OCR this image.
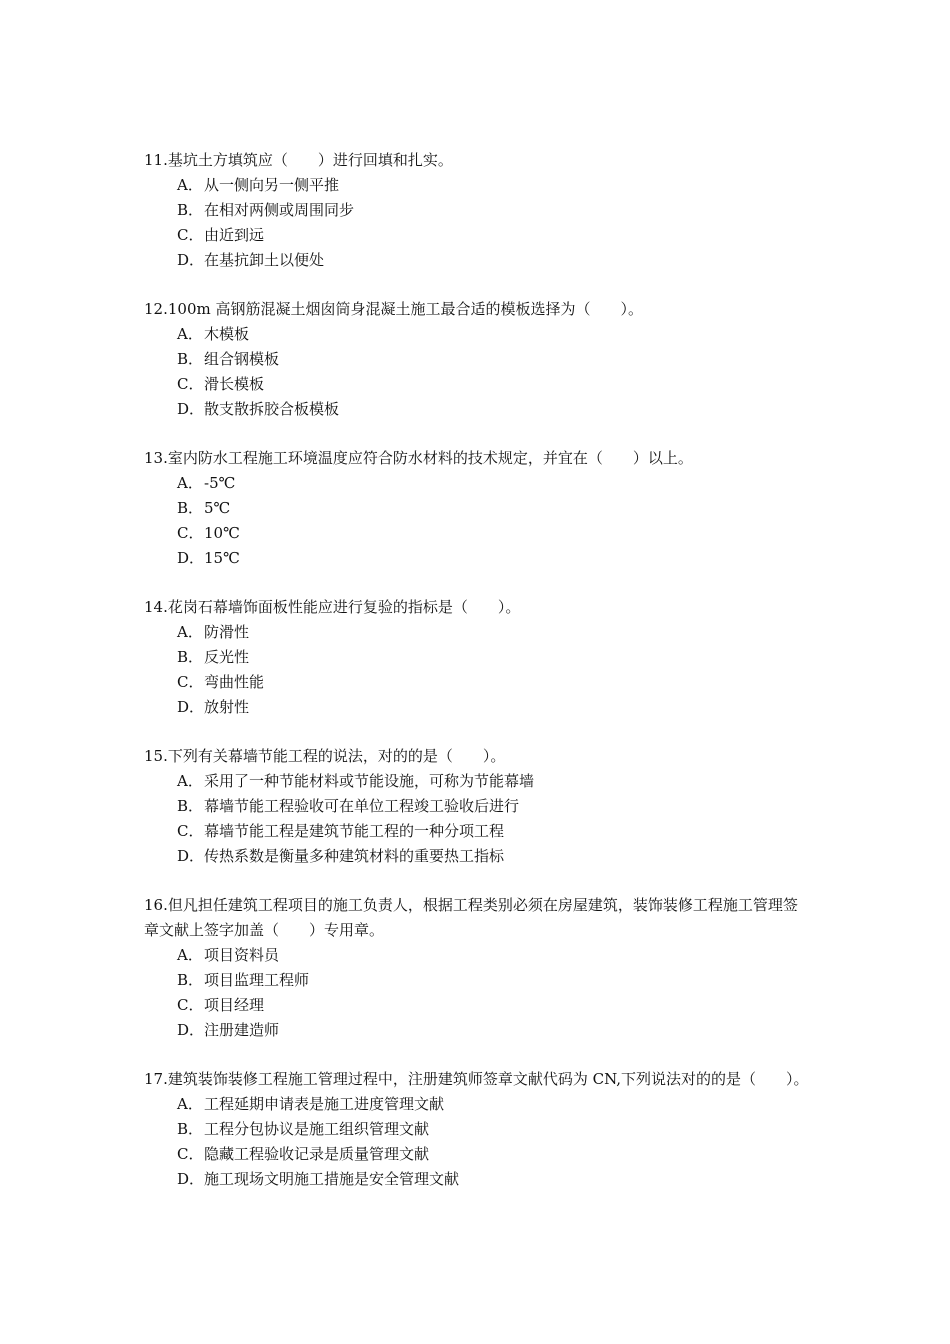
11.基坑土方填筑应（　　）进行回填和扎实。

A．从一侧向另一侧平推
B．在相对两侧或周围同步
C．由近到远
D．在基抗卸土以便处

12.100m 高钢筋混凝土烟囱筒身混凝土施工最合适的模板选择为（　　）。

A．木模板
B．组合钢模板
C．滑长模板
D．散支散拆胶合板模板

13.室内防水工程施工环境温度应符合防水材料的技术规定，并宜在（　　）以上。

A．-5℃
B．5℃
C．10℃
D．15℃

14.花岗石幕墙饰面板性能应进行复验的指标是（　　）。

A．防滑性
B．反光性
C．弯曲性能
D．放射性

15.下列有关幕墙节能工程的说法，对的的是（　　）。

A．采用了一种节能材料或节能设施，可称为节能幕墙
B．幕墙节能工程验收可在单位工程竣工验收后进行
C．幕墙节能工程是建筑节能工程的一种分项工程
D．传热系数是衡量多种建筑材料的重要热工指标

16.但凡担任建筑工程项目的施工负责人，根据工程类别必须在房屋建筑，装饰装修工程施工管理签章文献上签字加盖（　　）专用章。

A．项目资料员
B．项目监理工程师
C．项目经理
D．注册建造师

17.建筑装饰装修工程施工管理过程中，注册建筑师签章文献代码为 CN,下列说法对的的是（　　）。

A．工程延期申请表是施工进度管理文献
B．工程分包协议是施工组织管理文献
C．隐藏工程验收记录是质量管理文献
D．施工现场文明施工措施是安全管理文献
